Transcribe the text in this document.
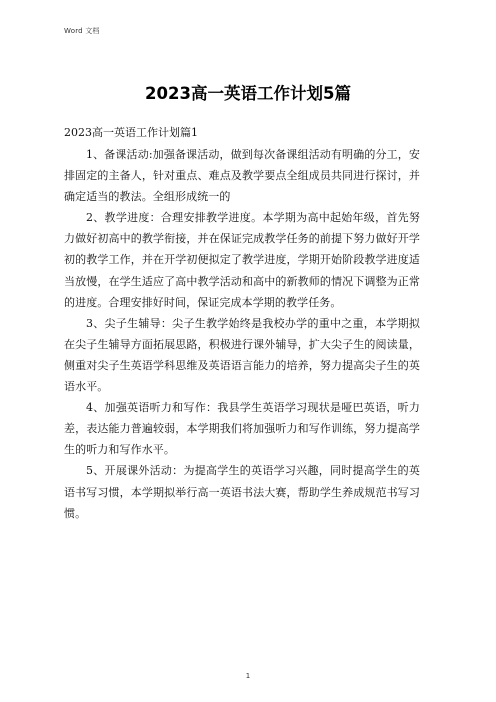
Word 文档
2023高一英语工作计划5篇

2023高一英语工作计划篇1

1、备课活动:加强备课活动，做到每次备课组活动有明确的分工，安排固定的主备人，针对重点、难点及教学要点全组成员共同进行探讨，并确定适当的教法。全组形成统一的

2、教学进度：合理安排教学进度。本学期为高中起始年级，首先努力做好初高中的教学衔接，并在保证完成教学任务的前提下努力做好开学初的教学工作，并在开学初便拟定了教学进度，学期开始阶段教学进度适当放慢，在学生适应了高中教学活动和高中的新教师的情况下调整为正常的进度。合理安排好时间，保证完成本学期的教学任务。

3、尖子生辅导：尖子生教学始终是我校办学的重中之重，本学期拟在尖子生辅导方面拓展思路，积极进行课外辅导，扩大尖子生的阅读量，侧重对尖子生英语学科思维及英语语言能力的培养，努力提高尖子生的英语水平。

4、加强英语听力和写作：我县学生英语学习现状是哑巴英语，听力差，表达能力普遍较弱，本学期我们将加强听力和写作训练，努力提高学生的听力和写作水平。

5、开展课外活动：为提高学生的英语学习兴趣，同时提高学生的英语书写习惯，本学期拟举行高一英语书法大赛，帮助学生养成规范书写习惯。

1
